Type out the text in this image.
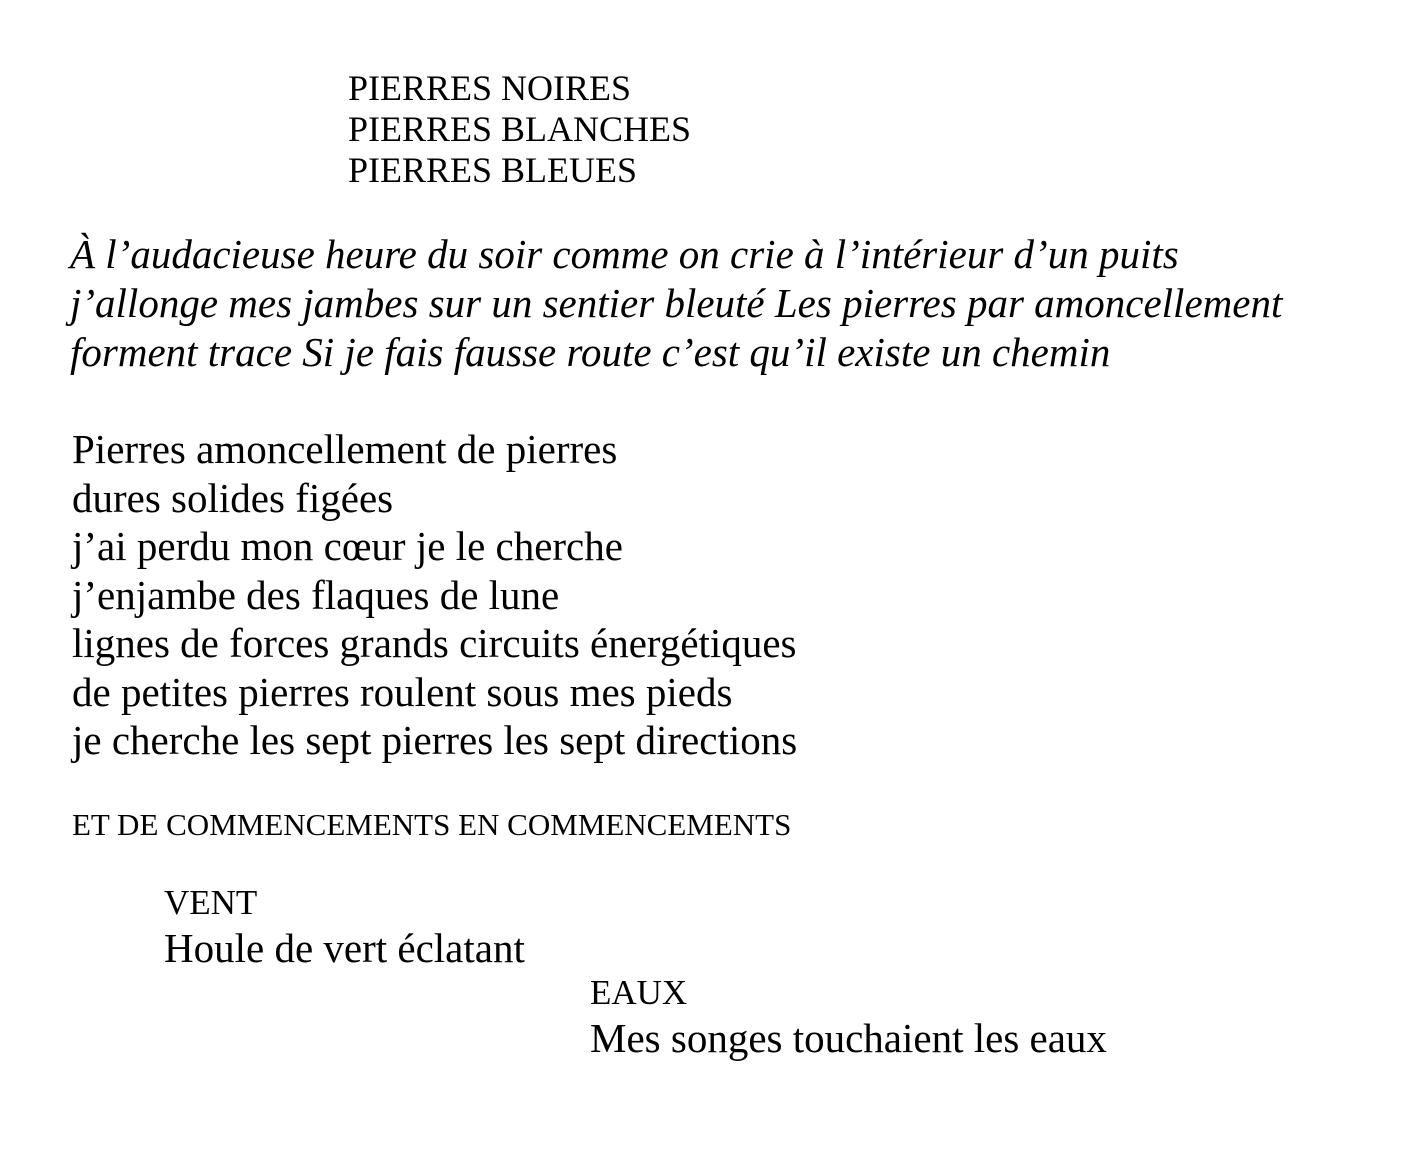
PIERRES NOIRES
PIERRES BLANCHES
PIERRES BLEUES
À l’audacieuse heure du soir comme on crie à l’intérieur d’un puits
j’allonge mes jambes sur un sentier bleuté Les pierres par amoncellement
forment trace Si je fais fausse route c’est qu’il existe un chemin
Pierres amoncellement de pierres
dures solides figées
j’ai perdu mon cœur je le cherche
j’enjambe des flaques de lune
lignes de forces grands circuits énergétiques
de petites pierres roulent sous mes pieds
je cherche les sept pierres les sept directions
ET DE COMMENCEMENTS EN COMMENCEMENTS
VENT
Houle de vert éclatant
EAUX
Mes songes touchaient les eaux
